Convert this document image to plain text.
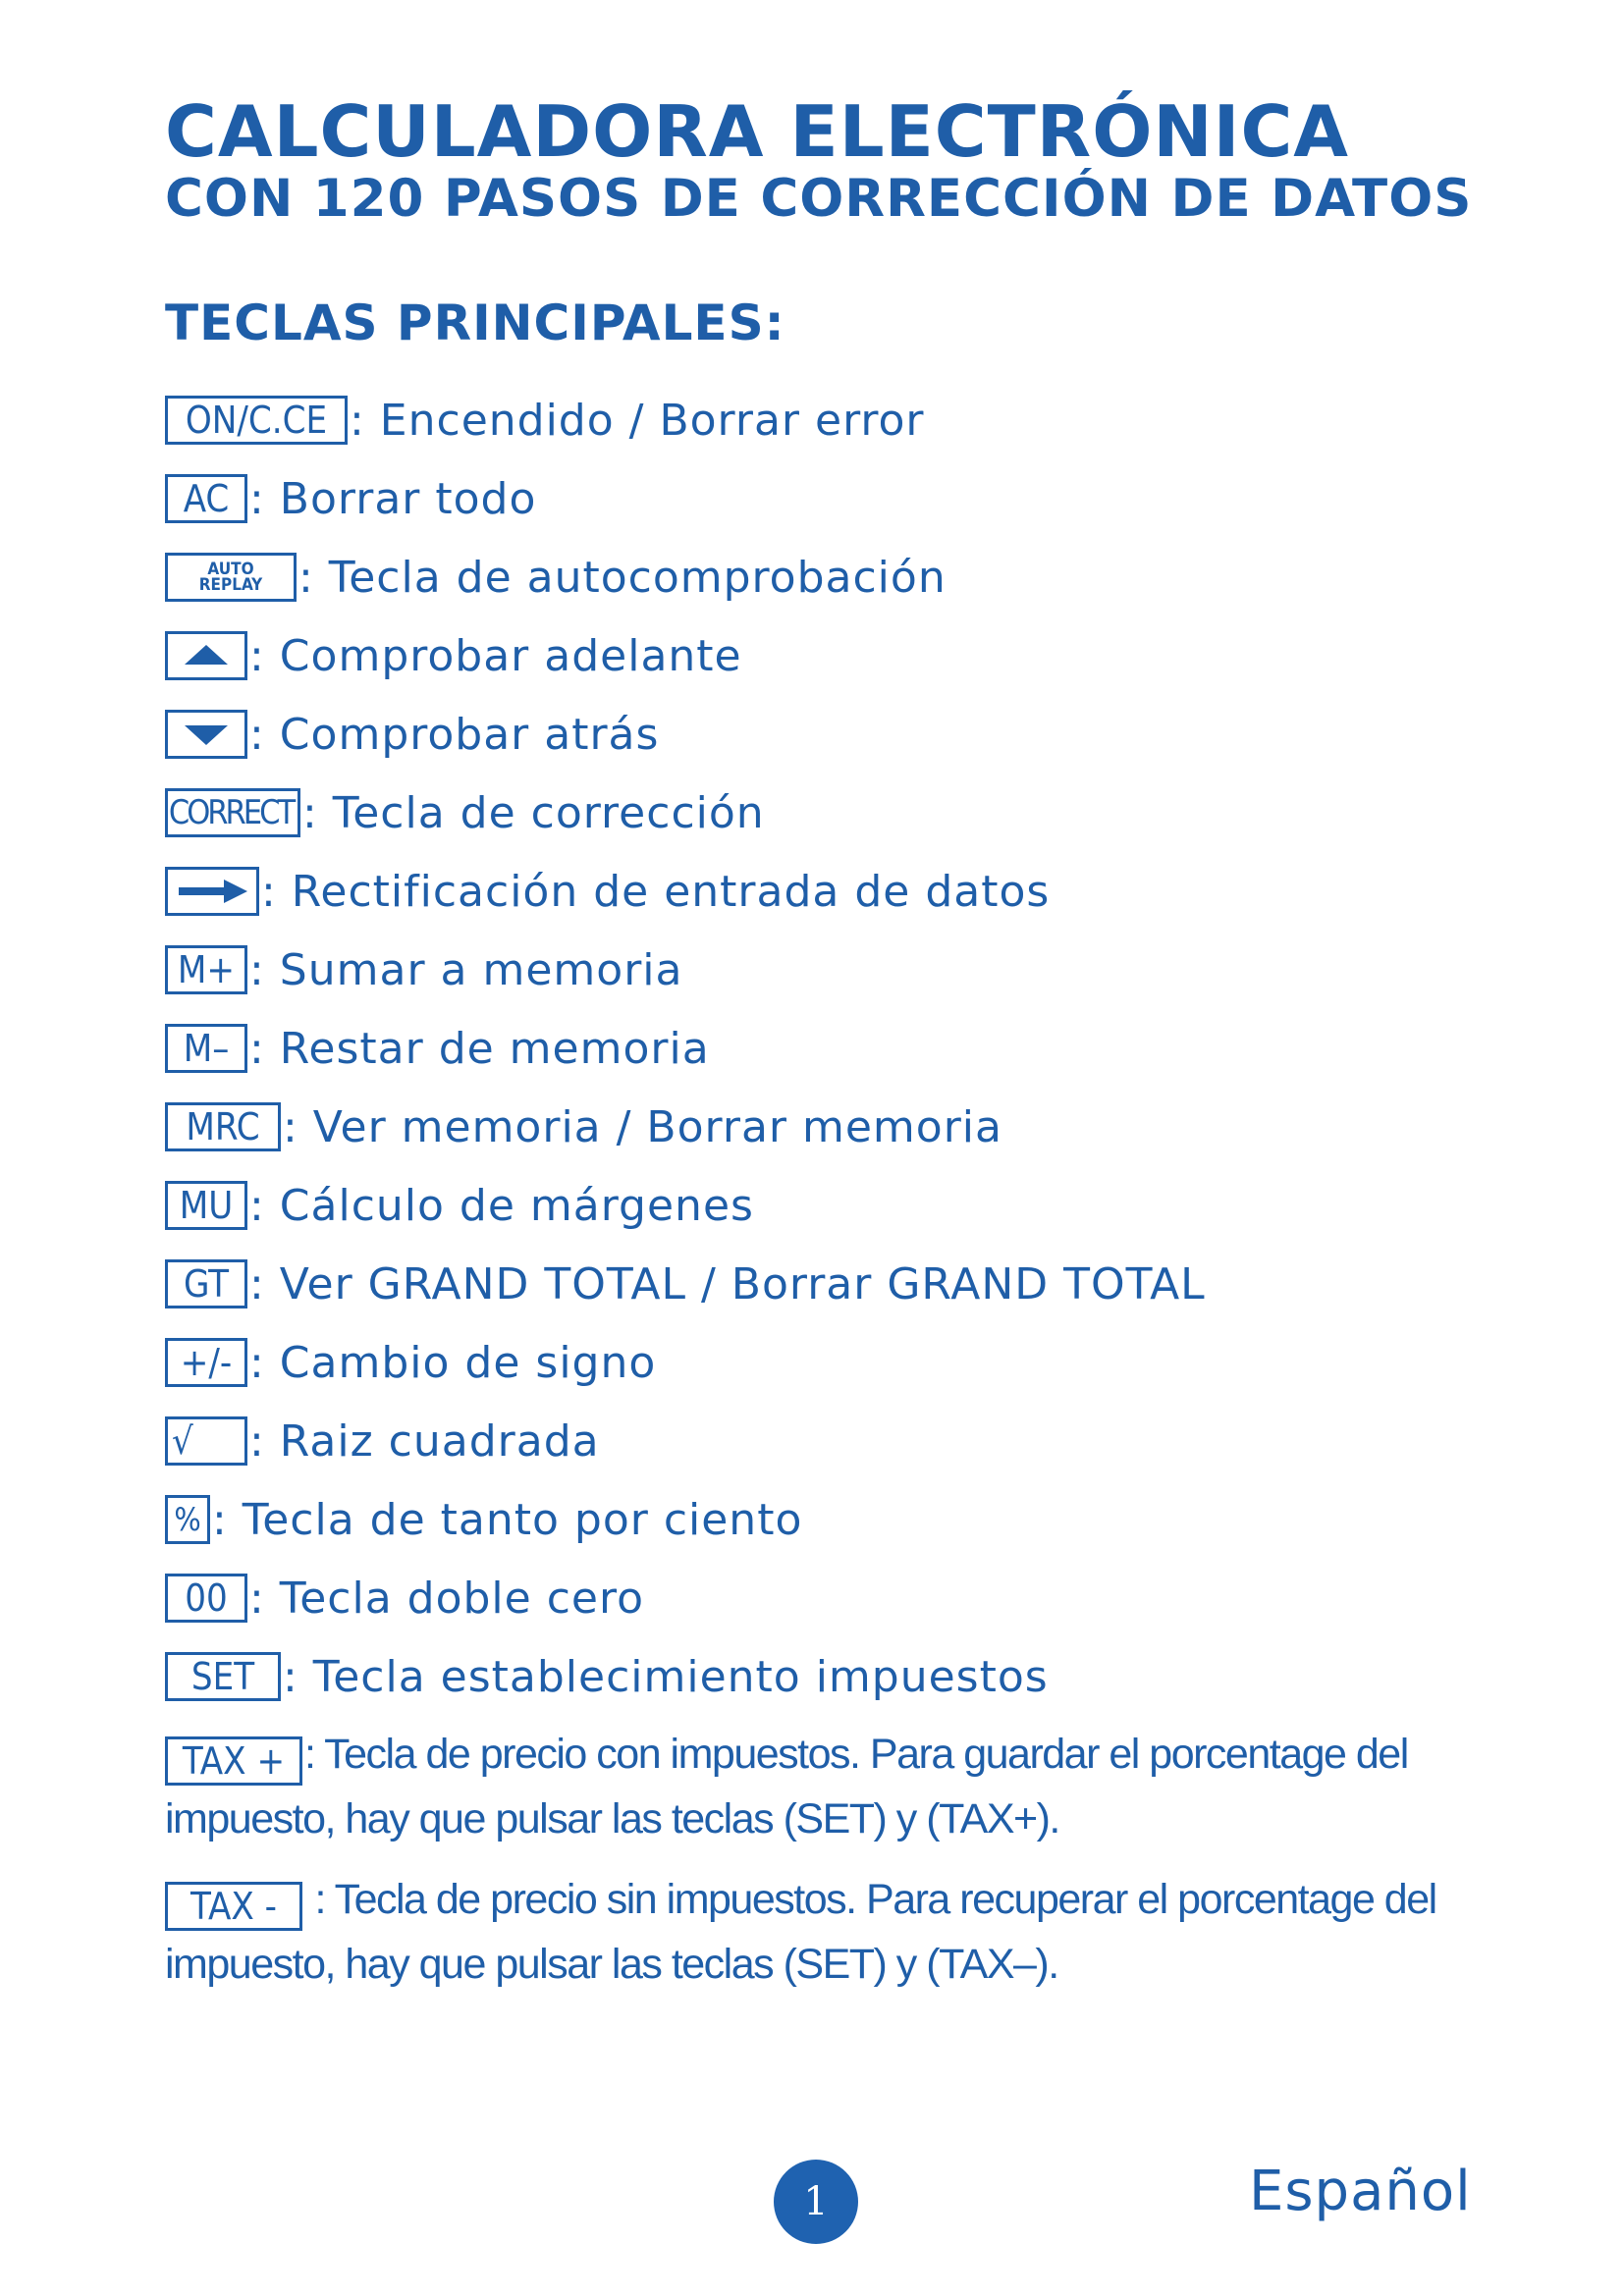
CALCULADORA ELECTRÓNICA
CON 120 PASOS DE CORRECCIÓN DE DATOS
TECLAS PRINCIPALES:
ON/C.CE : Encendido / Borrar error
AC : Borrar todo
AUTO
REPLAY : Tecla de autocomprobación
: Comprobar adelante
: Comprobar atrás
CORRECT : Tecla de corrección
: Rectificación de entrada de datos
M+ : Sumar a memoria
M– : Restar de memoria
MRC : Ver memoria / Borrar memoria
MU : Cálculo de márgenes
GT : Ver GRAND TOTAL / Borrar GRAND TOTAL
+/- : Cambio de signo
√	: Raiz cuadrada
% : Tecla de tanto por ciento
00 : Tecla doble cero
SET : Tecla establecimiento impuestos
TAX + : Tecla de precio con impuestos. Para guardar el porcentage del impuesto, hay que pulsar las teclas (SET) y (TAX+).
TAX - : Tecla de precio sin impuestos. Para recuperar el porcentage del impuesto, hay que pulsar las teclas (SET) y (TAX–).
1	Español
